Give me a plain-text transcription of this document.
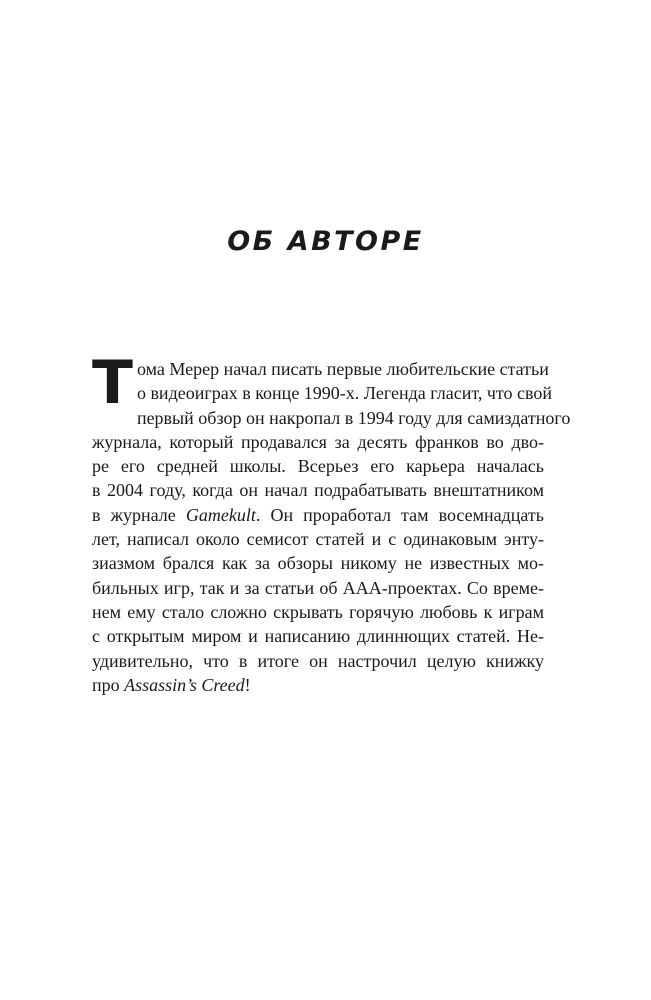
ОБ АВТОРЕ
Т ома Мерер начал писать первые любительские статьи
о видеоиграх в конце 1990-х. Легенда гласит, что свой
первый обзор он накропал в 1994 году для самиздатного
журнала, который продавался за десять франков во дво-
ре его средней школы. Всерьез его карьера началась
в 2004 году, когда он начал подрабатывать внештатником
в журнале Gamekult. Он проработал там восемнадцать
лет, написал около семисот статей и с одинаковым энту-
зиазмом брался как за обзоры никому не известных мо-
бильных игр, так и за статьи об ААА-проектах. Со време-
нем ему стало сложно скрывать горячую любовь к играм
с открытым миром и написанию длиннющих статей. Не-
удивительно, что в итоге он настрочил целую книжку
про Assassin’s Creed!
